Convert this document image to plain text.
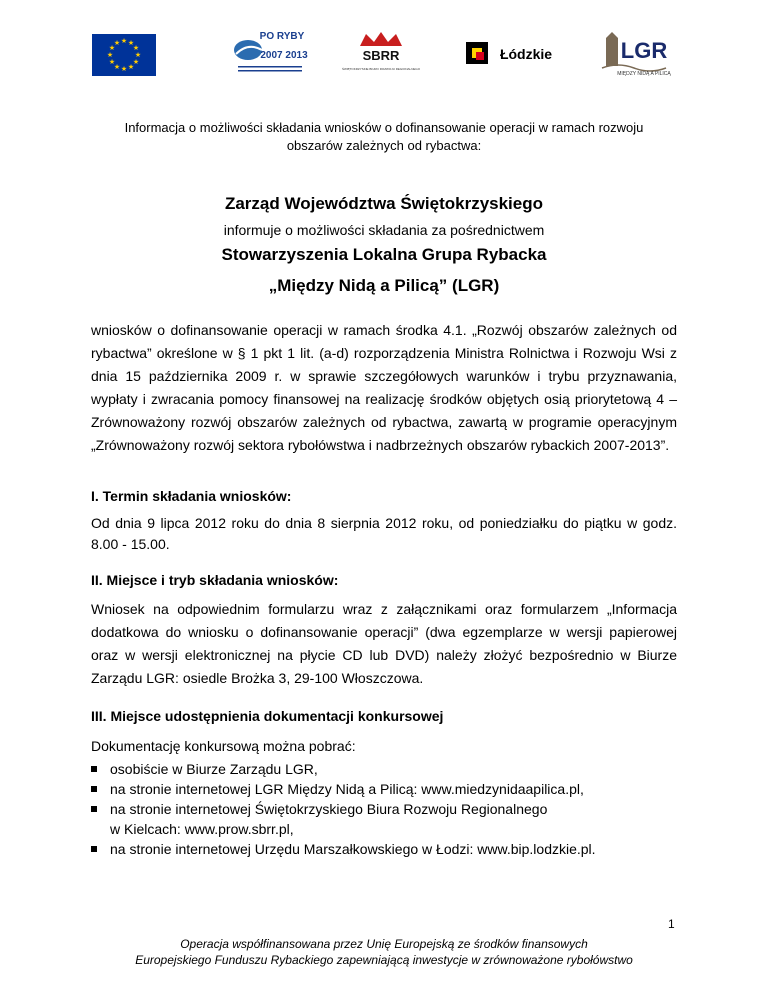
★ ★
★
★
★
★
★
★
★
★
★
★
PO RYBY
2007 2013	SBRR
ŚWIĘTOKRZYSKIE BIURO ROZWOJU REGIONALNEGO
Łódzkie	LGR
MIĘDZY NIDĄ A PILICĄ
Informacja o możliwości składania wniosków o dofinansowanie operacji w ramach rozwoju
obszarów zależnych od rybactwa:
Zarząd Województwa Świętokrzyskiego
informuje o możliwości składania za pośrednictwem
Stowarzyszenia Lokalna Grupa Rybacka
„Między Nidą a Pilicą” (LGR)

wniosków o dofinansowanie operacji w ramach środka 4.1. „Rozwój obszarów zależnych od rybactwa” określone w § 1 pkt 1 lit. (a-d) rozporządzenia Ministra Rolnictwa i Rozwoju Wsi z dnia 15 października 2009 r. w sprawie szczegółowych warunków i trybu przyznawania, wypłaty i zwracania pomocy finansowej na realizację środków objętych osią priorytetową 4 – Zrównoważony rozwój obszarów zależnych od rybactwa, zawartą w programie operacyjnym „Zrównoważony rozwój sektora rybołówstwa i nadbrzeżnych obszarów rybackich 2007-2013”.

I. Termin składania wniosków:

Od dnia 9 lipca 2012 roku do dnia 8 sierpnia 2012 roku, od poniedziałku do piątku w godz. 8.00 - 15.00.

II. Miejsce i tryb składania wniosków:

Wniosek na odpowiednim formularzu wraz z załącznikami oraz formularzem „Informacja dodatkowa do wniosku o dofinansowanie operacji” (dwa egzemplarze w wersji papierowej oraz w wersji elektronicznej na płycie CD lub DVD) należy złożyć bezpośrednio w Biurze Zarządu LGR: osiedle Brożka 3, 29-100 Włoszczowa.

III. Miejsce udostępnienia dokumentacji konkursowej

Dokumentację konkursową można pobrać:

osobiście w Biurze Zarządu LGR,
na stronie internetowej LGR Między Nidą a Pilicą: www.miedzynidaapilica.pl,
na stronie internetowej Świętokrzyskiego Biura Rozwoju Regionalnego
w Kielcach: www.prow.sbrr.pl,
na stronie internetowej Urzędu Marszałkowskiego w Łodzi: www.bip.lodzkie.pl.
1
Operacja współfinansowana przez Unię Europejską ze środków finansowych
Europejskiego Funduszu Rybackiego zapewniającą inwestycje w zrównoważone rybołówstwo
